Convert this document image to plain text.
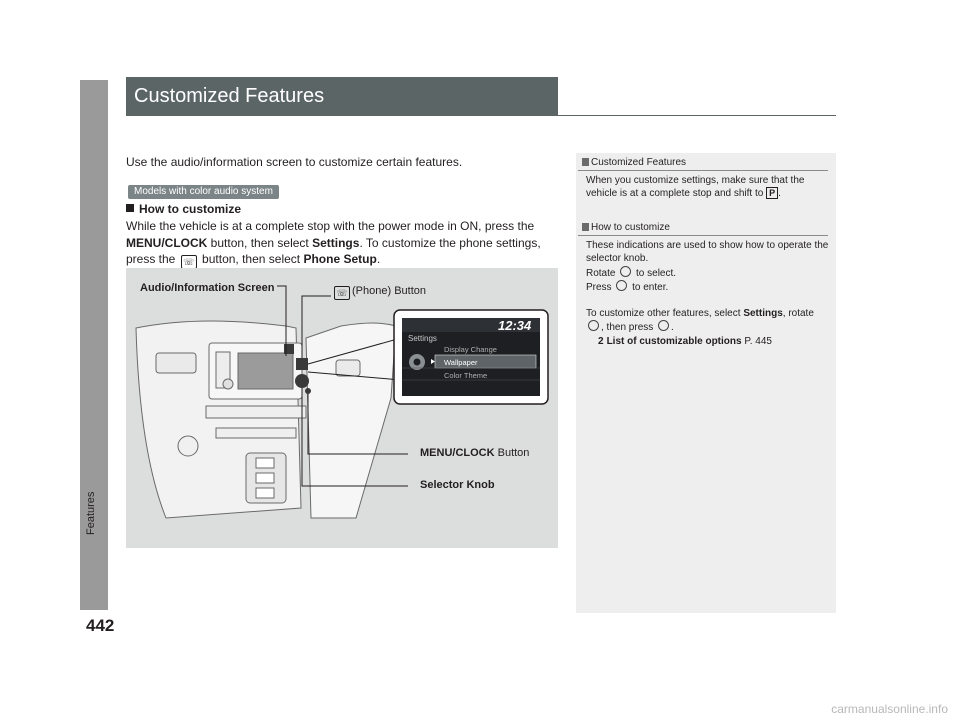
Features
442
Customized Features
Use the audio/information screen to customize certain features.
Models with color audio system
How to customize
While the vehicle is at a complete stop with the power mode in ON, press the MENU/CLOCK button, then select Settings. To customize the phone settings, press the ☏ button, then select Phone Setup.
Audio/Information Screen	☏ (Phone) Button
MENU/CLOCK Button
Selector Knob
12:34
Settings
Display Change
Wallpaper
Color Theme
Customized Features
When you customize settings, make sure that the vehicle is at a complete stop and shift to P .
How to customize
These indications are used to show how to operate the selector knob.
Rotate to select.
Press to enter.
To customize other features, select Settings, rotate , then press .
2 List of customizable options P. 445
carmanualsonline.info
